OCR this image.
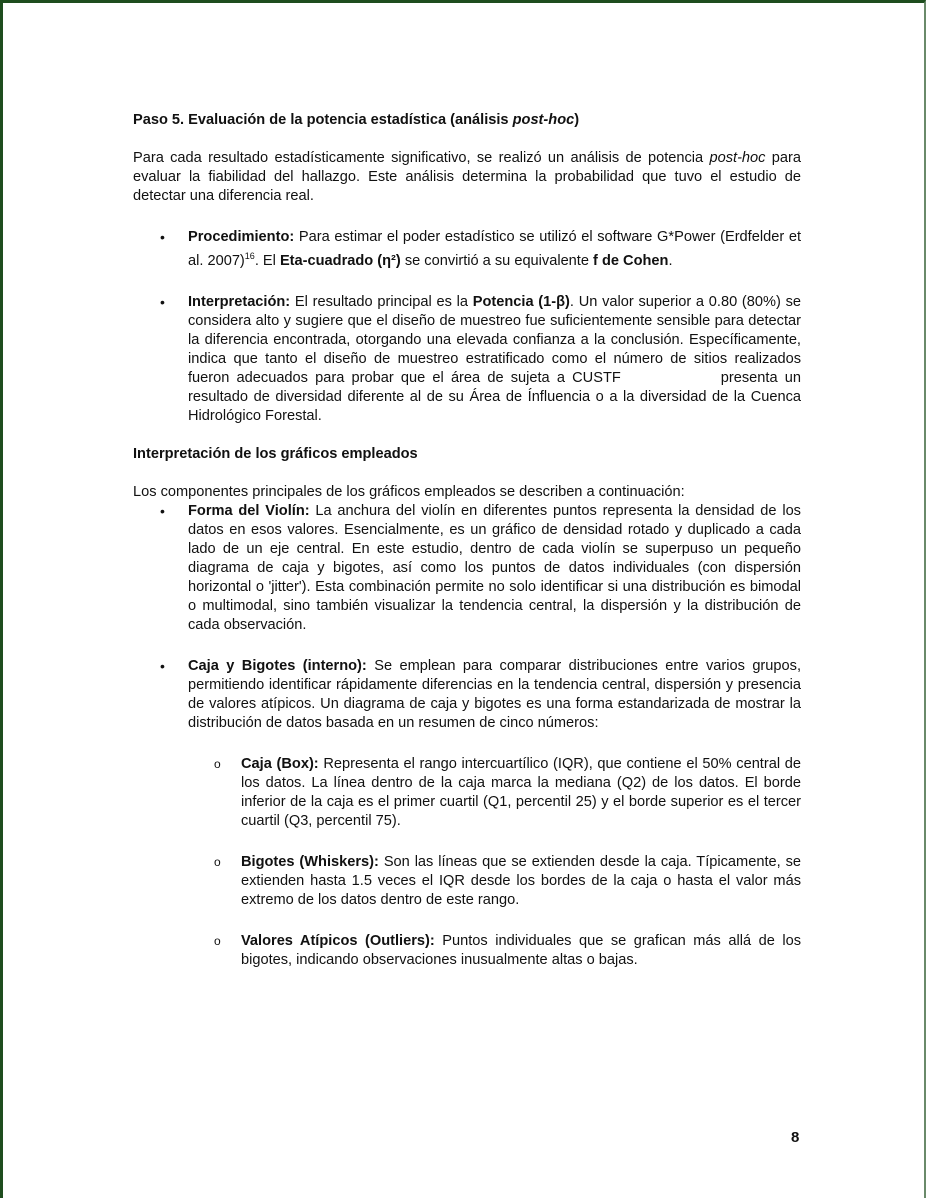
Paso 5. Evaluación de la potencia estadística (análisis post-hoc)

Para cada resultado estadísticamente significativo, se realizó un análisis de potencia post-hoc para evaluar la fiabilidad del hallazgo. Este análisis determina la probabilidad que tuvo el estudio de detectar una diferencia real.

• Procedimiento: Para estimar el poder estadístico se utilizó el software G*Power (Erdfelder et al. 2007)$^{16}$. El Eta-cuadrado (η²) se convirtió a su equivalente f de Cohen.
• Interpretación: El resultado principal es la Potencia (1-β). Un valor superior a 0.80 (80%) se considera alto y sugiere que el diseño de muestreo fue suficientemente sensible para detectar la diferencia encontrada, otorgando una elevada confianza a la conclusión. Específicamente, indica que tanto el diseño de muestreo estratificado como el número de sitios realizados fueron adecuados para probar que el área de sujeta a CUSTF	presenta un resultado de diversidad diferente al de su Área de Ínfluencia o a la diversidad de la Cuenca Hidrológico Forestal.
Interpretación de los gráficos empleados

Los componentes principales de los gráficos empleados se describen a continuación:

• Forma del Violín: La anchura del violín en diferentes puntos representa la densidad de los datos en esos valores. Esencialmente, es un gráfico de densidad rotado y duplicado a cada lado de un eje central. En este estudio, dentro de cada violín se superpuso un pequeño diagrama de caja y bigotes, así como los puntos de datos individuales (con dispersión horizontal o 'jitter'). Esta combinación permite no solo identificar si una distribución es bimodal o multimodal, sino también visualizar la tendencia central, la dispersión y la distribución de cada observación.
• Caja y Bigotes (interno): Se emplean para comparar distribuciones entre varios grupos, permitiendo identificar rápidamente diferencias en la tendencia central, dispersión y presencia de valores atípicos. Un diagrama de caja y bigotes es una forma estandarizada de mostrar la distribución de datos basada en un resumen de cinco números:
o Caja (Box): Representa el rango intercuartílico (IQR), que contiene el 50% central de los datos. La línea dentro de la caja marca la mediana (Q2) de los datos. El borde inferior de la caja es el primer cuartil (Q1, percentil 25) y el borde superior es el tercer cuartil (Q3, percentil 75).
o Bigotes (Whiskers): Son las líneas que se extienden desde la caja. Típicamente, se extienden hasta 1.5 veces el IQR desde los bordes de la caja o hasta el valor más extremo de los datos dentro de este rango.
o Valores Atípicos (Outliers): Puntos individuales que se grafican más allá de los bigotes, indicando observaciones inusualmente altas o bajas.
8
